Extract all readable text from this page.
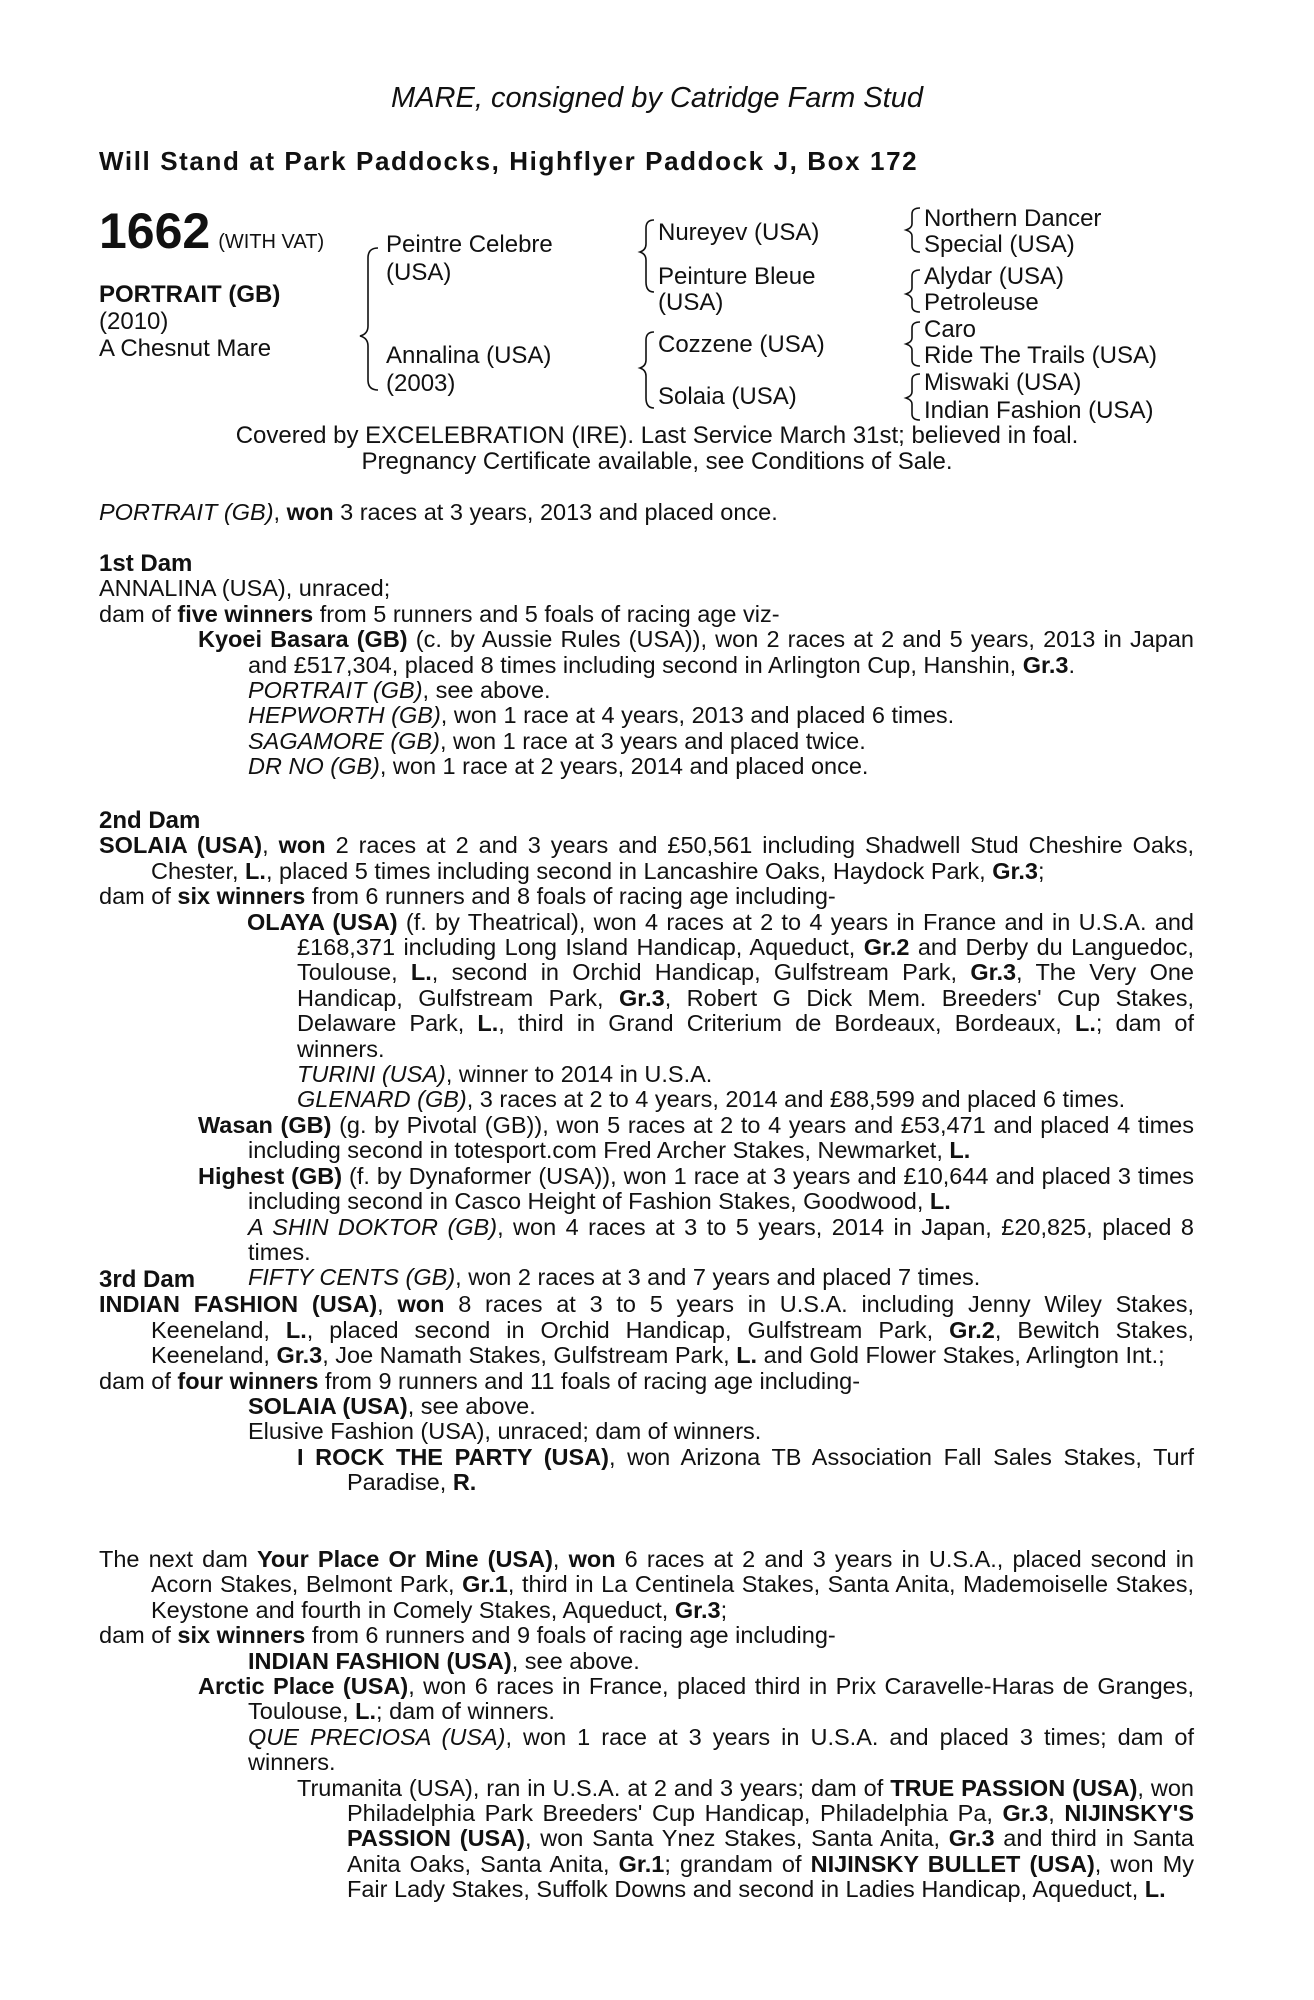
MARE, consigned by Catridge Farm Stud
Will Stand at Park Paddocks, Highflyer Paddock J, Box 172
1662 (WITH VAT)
PORTRAIT (GB)
(2010)
A Chesnut Mare
Peintre Celebre
(USA)
Annalina (USA)
(2003)
Nureyev (USA)
Peinture Bleue
(USA)
Cozzene (USA)
Solaia (USA)
Northern Dancer
Special (USA)
Alydar (USA)
Petroleuse
Caro
Ride The Trails (USA)
Miswaki (USA)
Indian Fashion (USA)
Covered by EXCELEBRATION (IRE). Last Service March 31st; believed in foal.
Pregnancy Certificate available, see Conditions of Sale.

PORTRAIT (GB), won 3 races at 3 years, 2013 and placed once.

1st Dam

ANNALINA (USA), unraced;

dam of five winners from 5 runners and 5 foals of racing age viz-

Kyoei Basara (GB) (c. by Aussie Rules (USA)), won 2 races at 2 and 5 years, 2013 in Japan and £517,304, placed 8 times including second in Arlington Cup, Hanshin, Gr.3.

PORTRAIT (GB), see above.

HEPWORTH (GB), won 1 race at 4 years, 2013 and placed 6 times.

SAGAMORE (GB), won 1 race at 3 years and placed twice.

DR NO (GB), won 1 race at 2 years, 2014 and placed once.

2nd Dam

SOLAIA (USA), won 2 races at 2 and 3 years and £50,561 including Shadwell Stud Cheshire Oaks, Chester, L., placed 5 times including second in Lancashire Oaks, Haydock Park, Gr.3;

dam of six winners from 6 runners and 8 foals of racing age including-

OLAYA (USA) (f. by Theatrical), won 4 races at 2 to 4 years in France and in U.S.A. and £168,371 including Long Island Handicap, Aqueduct, Gr.2 and Derby du Languedoc, Toulouse, L., second in Orchid Handicap, Gulfstream Park, Gr.3, The Very One Handicap, Gulfstream Park, Gr.3, Robert G Dick Mem. Breeders' Cup Stakes, Delaware Park, L., third in Grand Criterium de Bordeaux, Bordeaux, L.; dam of winners.

TURINI (USA), winner to 2014 in U.S.A.

GLENARD (GB), 3 races at 2 to 4 years, 2014 and £88,599 and placed 6 times.

Wasan (GB) (g. by Pivotal (GB)), won 5 races at 2 to 4 years and £53,471 and placed 4 times including second in totesport.com Fred Archer Stakes, Newmarket, L.

Highest (GB) (f. by Dynaformer (USA)), won 1 race at 3 years and £10,644 and placed 3 times including second in Casco Height of Fashion Stakes, Goodwood, L.

A SHIN DOKTOR (GB), won 4 races at 3 to 5 years, 2014 in Japan, £20,825, placed 8 times.

FIFTY CENTS (GB), won 2 races at 3 and 7 years and placed 7 times.

3rd Dam

INDIAN FASHION (USA), won 8 races at 3 to 5 years in U.S.A. including Jenny Wiley Stakes, Keeneland, L., placed second in Orchid Handicap, Gulfstream Park, Gr.2, Bewitch Stakes, Keeneland, Gr.3, Joe Namath Stakes, Gulfstream Park, L. and Gold Flower Stakes, Arlington Int.;

dam of four winners from 9 runners and 11 foals of racing age including-

SOLAIA (USA), see above.

Elusive Fashion (USA), unraced; dam of winners.

I ROCK THE PARTY (USA), won Arizona TB Association Fall Sales Stakes, Turf Paradise, R.

The next dam Your Place Or Mine (USA), won 6 races at 2 and 3 years in U.S.A., placed second in Acorn Stakes, Belmont Park, Gr.1, third in La Centinela Stakes, Santa Anita, Mademoiselle Stakes, Keystone and fourth in Comely Stakes, Aqueduct, Gr.3;

dam of six winners from 6 runners and 9 foals of racing age including-

INDIAN FASHION (USA), see above.

Arctic Place (USA), won 6 races in France, placed third in Prix Caravelle-Haras de Granges, Toulouse, L.; dam of winners.

QUE PRECIOSA (USA), won 1 race at 3 years in U.S.A. and placed 3 times; dam of winners.

Trumanita (USA), ran in U.S.A. at 2 and 3 years; dam of TRUE PASSION (USA), won Philadelphia Park Breeders' Cup Handicap, Philadelphia Pa, Gr.3, NIJINSKY'S PASSION (USA), won Santa Ynez Stakes, Santa Anita, Gr.3 and third in Santa Anita Oaks, Santa Anita, Gr.1; grandam of NIJINSKY BULLET (USA), won My Fair Lady Stakes, Suffolk Downs and second in Ladies Handicap, Aqueduct, L.
